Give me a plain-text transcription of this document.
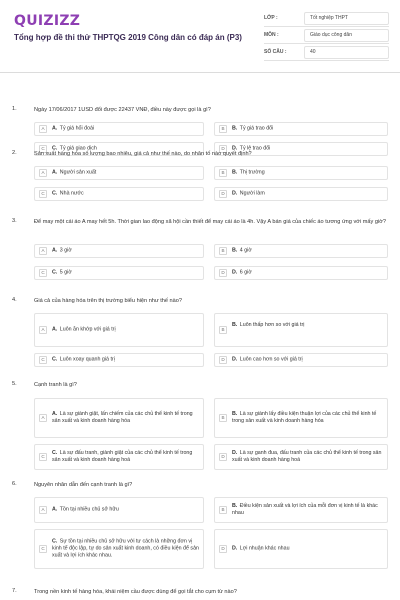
QUIZIZZ
Tổng hợp đề thi thử THPTQG 2019 Công dân có đáp án (P3)
LỚP :	Tốt nghiệp THPT
MÔN :	Giáo dục công dân
SỐ CÂU :	40
1.	Ngày 17/06/2017 1USD đổi được 22437 VNĐ, điều này được gọi là gì?
A	A. Tỷ giá hối đoái	B	B. Tỷ giá trao đổi
C	C. Tỷ giá giao dịch	D	D. Tỷ lệ trao đổi
2.	Sản xuất hàng hóa số lượng bao nhiêu, giá cả như thế nào, do nhân tố nào quyết định?
A	A. Người sản xuất	B	B. Thị trường
C	C. Nhà nước	D	D. Người làm
3.	Để may một cái áo A may hết 5h. Thời gian lao động xã hội cần thiết để may cái áo là 4h. Vậy A bán giá của chiếc áo tương ứng với mấy giờ?
A	A. 3 giờ	B	B. 4 giờ
C	C. 5 giờ	D	D. 6 giờ
4.	Giá cả của hàng hóa trên thị trường biểu hiện như thế nào?
A	A. Luôn ăn khớp với giá trị	B
B. Luôn thấp hơn so với giá trị
C	C. Luôn xoay quanh giá trị	D	D. Luôn cao hơn so với giá trị
5.	Cạnh tranh là gì?
A
A. Là sự giành giật, lấn chiếm của các chủ thể kinh tế trong sản xuất và kinh doanh hàng hóa
B
B. Là sự giành lấy điều kiện thuận lợi của các chủ thể kinh tế trong sản xuất và kinh doanh hàng hóa
C
C. Là sự đấu tranh, giành giật của các chủ thể kinh tế trong sản xuất và kinh doanh hàng hoá
D
D. Là sự ganh đua, đấu tranh của các chủ thể kinh tế trong sản xuất và kinh doanh hàng hoá
6.	Nguyên nhân dẫn đến cạnh tranh là gì?
A	A. Tồn tại nhiều chủ sở hữu	B
B. Điều kiện sản xuất và lợi ích của mỗi đơn vị kinh tế là khác nhau
C
C. Sự tồn tại nhiều chủ sở hữu với tư cách là những đơn vị kinh tế độc lập, tự do sản xuất kinh doanh, có điều kiện để sản xuất và lợi ích khác nhau.
D	D. Lợi nhuận khác nhau
7.	Trong nền kinh tế hàng hóa, khái niệm cầu được dùng để gọi tắt cho cụm từ nào?
